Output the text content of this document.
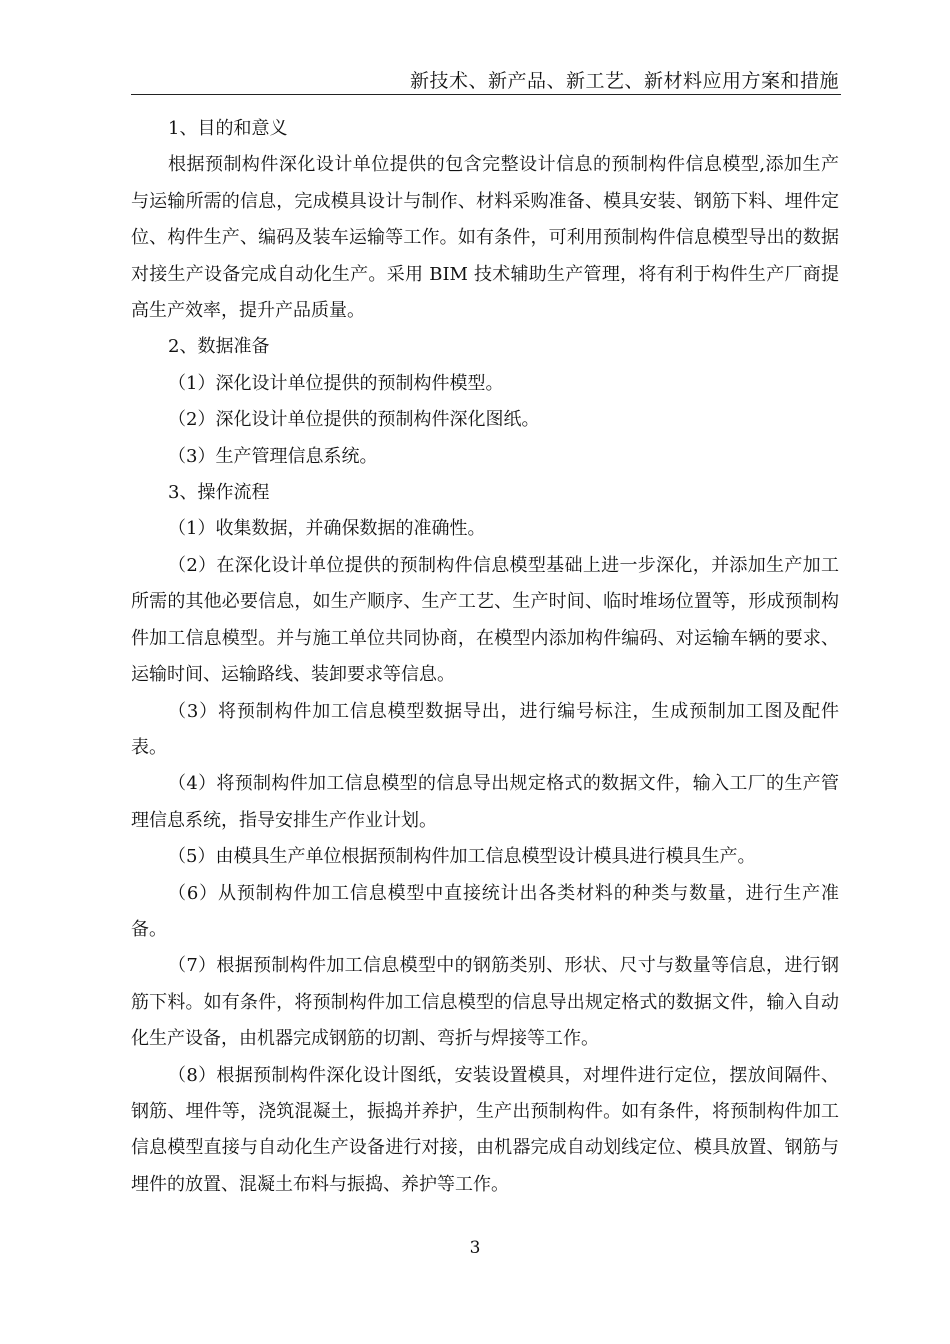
新技术、新产品、新工艺、新材料应用方案和措施

1、目的和意义

根据预制构件深化设计单位提供的包含完整设计信息的预制构件信息模型,添加生产与运输所需的信息，完成模具设计与制作、材料采购准备、模具安装、钢筋下料、埋件定位、构件生产、编码及装车运输等工作。如有条件，可利用预制构件信息模型导出的数据对接生产设备完成自动化生产。采用 BIM 技术辅助生产管理，将有利于构件生产厂商提高生产效率，提升产品质量。

2、数据准备

（1）深化设计单位提供的预制构件模型。

（2）深化设计单位提供的预制构件深化图纸。

（3）生产管理信息系统。

3、操作流程

（1）收集数据，并确保数据的准确性。

（2）在深化设计单位提供的预制构件信息模型基础上进一步深化，并添加生产加工所需的其他必要信息，如生产顺序、生产工艺、生产时间、临时堆场位置等，形成预制构件加工信息模型。并与施工单位共同协商，在模型内添加构件编码、对运输车辆的要求、运输时间、运输路线、装卸要求等信息。

（3）将预制构件加工信息模型数据导出，进行编号标注，生成预制加工图及配件表。

（4）将预制构件加工信息模型的信息导出规定格式的数据文件，输入工厂的生产管理信息系统，指导安排生产作业计划。

（5）由模具生产单位根据预制构件加工信息模型设计模具进行模具生产。

（6）从预制构件加工信息模型中直接统计出各类材料的种类与数量，进行生产准备。

（7）根据预制构件加工信息模型中的钢筋类别、形状、尺寸与数量等信息，进行钢筋下料。如有条件，将预制构件加工信息模型的信息导出规定格式的数据文件，输入自动化生产设备，由机器完成钢筋的切割、弯折与焊接等工作。

（8）根据预制构件深化设计图纸，安装设置模具，对埋件进行定位，摆放间隔件、钢筋、埋件等，浇筑混凝土，振捣并养护，生产出预制构件。如有条件，将预制构件加工信息模型直接与自动化生产设备进行对接，由机器完成自动划线定位、模具放置、钢筋与埋件的放置、混凝土布料与振捣、养护等工作。

3
